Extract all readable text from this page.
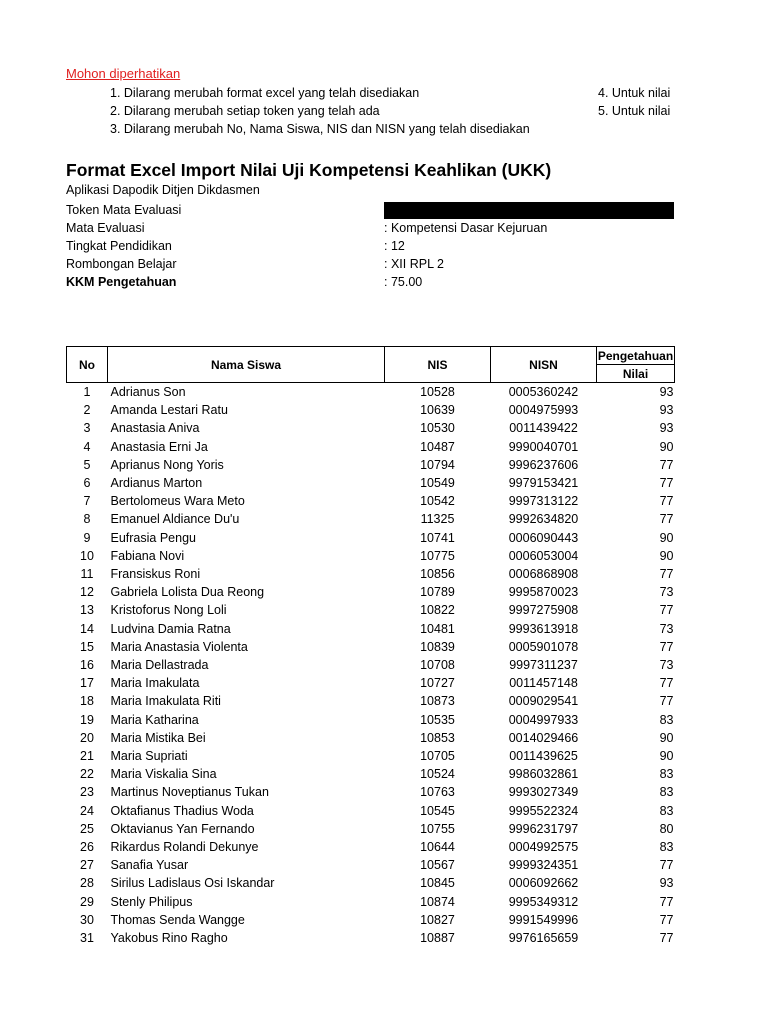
Mohon diperhatikan
1. Dilarang merubah format excel yang telah disediakan
2. Dilarang merubah setiap token yang telah ada
3. Dilarang merubah No, Nama Siswa, NIS dan NISN yang telah disediakan
4. Untuk nilai
5. Untuk nilai
Format Excel Import Nilai Uji Kompetensi Keahlikan (UKK)
Aplikasi Dapodik Ditjen Dikdasmen
Token Mata Evaluasi
Mata Evaluasi	: Kompetensi Dasar Kejuruan
Tingkat Pendidikan	: 12
Rombongan Belajar	: XII RPL 2
KKM Pengetahuan	: 75.00
No	Nama Siswa	NIS	NISN	Pengetahuan
				Nilai
1	Adrianus Son	10528	0005360242	93
2	Amanda Lestari Ratu	10639	0004975993	93
3	Anastasia Aniva	10530	0011439422	93
4	Anastasia Erni Ja	10487	9990040701	90
5	Aprianus Nong Yoris	10794	9996237606	77
6	Ardianus Marton	10549	9979153421	77
7	Bertolomeus Wara Meto	10542	9997313122	77
8	Emanuel Aldiance Du'u	11325	9992634820	77
9	Eufrasia Pengu	10741	0006090443	90
10	Fabiana Novi	10775	0006053004	90
11	Fransiskus Roni	10856	0006868908	77
12	Gabriela Lolista Dua Reong	10789	9995870023	73
13	Kristoforus Nong Loli	10822	9997275908	77
14	Ludvina Damia Ratna	10481	9993613918	73
15	Maria Anastasia Violenta	10839	0005901078	77
16	Maria Dellastrada	10708	9997311237	73
17	Maria Imakulata	10727	0011457148	77
18	Maria Imakulata Riti	10873	0009029541	77
19	Maria Katharina	10535	0004997933	83
20	Maria Mistika Bei	10853	0014029466	90
21	Maria Supriati	10705	0011439625	90
22	Maria Viskalia Sina	10524	9986032861	83
23	Martinus Noveptianus Tukan	10763	9993027349	83
24	Oktafianus Thadius Woda	10545	9995522324	83
25	Oktavianus Yan Fernando	10755	9996231797	80
26	Rikardus Rolandi Dekunye	10644	0004992575	83
27	Sanafia Yusar	10567	9999324351	77
28	Sirilus Ladislaus Osi Iskandar	10845	0006092662	93
29	Stenly Philipus	10874	9995349312	77
30	Thomas Senda Wangge	10827	9991549996	77
31	Yakobus Rino Ragho	10887	9976165659	77
